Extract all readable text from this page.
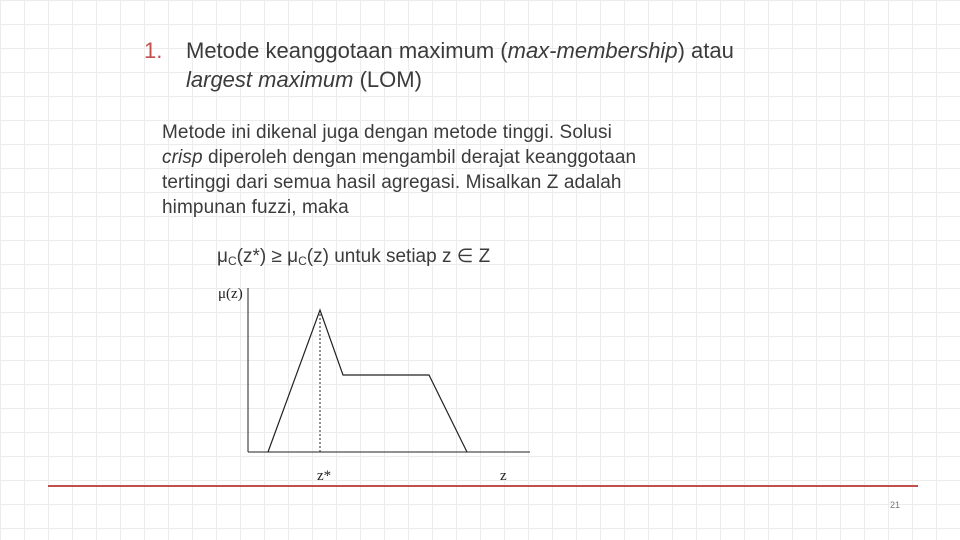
1. Metode keanggotaan maximum (max-membership) atau largest maximum (LOM)
Metode ini dikenal juga dengan metode tinggi. Solusi
crisp diperoleh dengan mengambil derajat keanggotaan
tertinggi dari semua hasil agregasi. Misalkan Z adalah
himpunan fuzzi, maka
$\mu_C(z*) \ge \mu_C(z)$ untuk setiap z ∈ Z
μ(z)
z*	z
21
